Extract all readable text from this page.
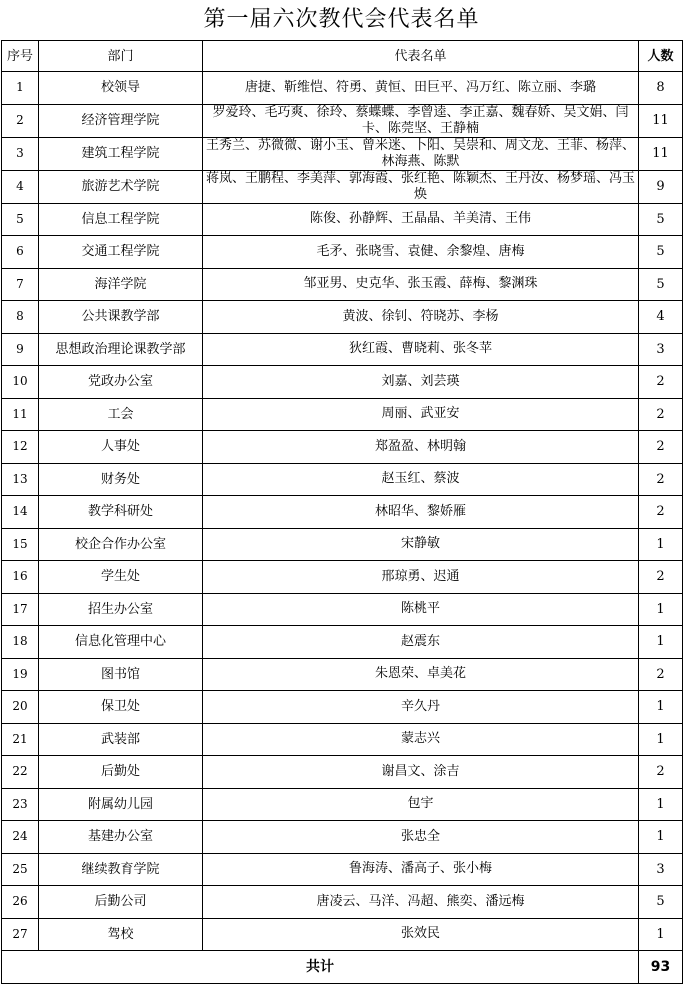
第一届六次教代会代表名单
序号	部门	代表名单	人数
1	校领导	唐捷、靳维恺、符勇、黄恒、田巨平、冯万红、陈立丽、李璐	8
2	经济管理学院	罗爱玲、毛巧爽、徐玲、蔡蝶蝶、李曾逵、李正嘉、魏春娇、吴文娟、闫卡、陈莞坚、王静楠	11
3	建筑工程学院	王秀兰、苏微微、谢小玉、曾米迷、卜阳、吴崇和、周文龙、王菲、杨萍、林海燕、陈默	11
4	旅游艺术学院	蒋岚、王鹏程、李美萍、郭海霞、张红艳、陈颖杰、王丹汝、杨梦瑶、冯玉焕	9
5	信息工程学院	陈俊、孙静辉、王晶晶、羊美清、王伟	5
6	交通工程学院	毛矛、张晓雪、袁健、余黎煌、唐梅	5
7	海洋学院	邹亚男、史克华、张玉霞、薛梅、黎渊珠	5
8	公共课教学部	黄波、徐钊、符晓苏、李杨	4
9	思想政治理论课教学部	狄红霞、曹晓莉、张冬苹	3
10	党政办公室	刘嘉、刘芸瑛	2
11	工会	周丽、武亚安	2
12	人事处	郑盈盈、林明翰	2
13	财务处	赵玉红、蔡波	2
14	教学科研处	林昭华、黎娇雁	2
15	校企合作办公室	宋静敏	1
16	学生处	邢琼勇、迟通	2
17	招生办公室	陈桃平	1
18	信息化管理中心	赵震东	1
19	图书馆	朱恩荣、卓美花	2
20	保卫处	辛久丹	1
21	武装部	蒙志兴	1
22	后勤处	谢昌文、涂吉	2
23	附属幼儿园	包宇	1
24	基建办公室	张忠全	1
25	继续教育学院	鲁海涛、潘高子、张小梅	3
26	后勤公司	唐凌云、马洋、冯超、熊奕、潘远梅	5
27	驾校	张效民	1
共计			93
